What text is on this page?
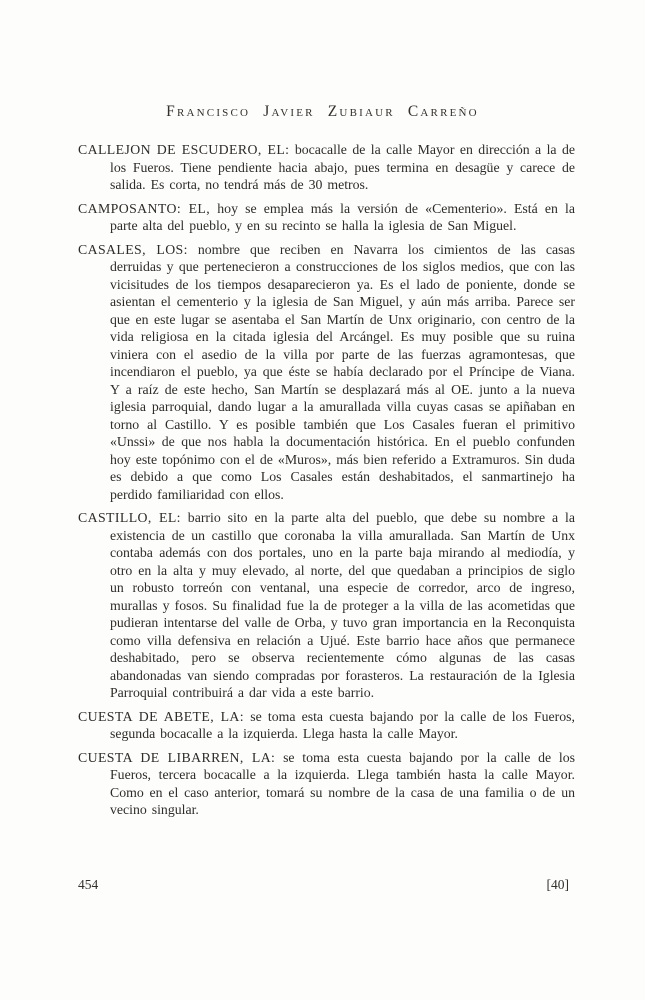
Francisco Javier Zubiaur Carreño

CALLEJON DE ESCUDERO, EL: bocacalle de la calle Mayor en dirección a la de los Fueros. Tiene pendiente hacia abajo, pues termina en desagüe y carece de salida. Es corta, no tendrá más de 30 metros.

CAMPOSANTO: EL, hoy se emplea más la versión de «Cementerio». Está en la parte alta del pueblo, y en su recinto se halla la iglesia de San Miguel.

CASALES, LOS: nombre que reciben en Navarra los cimientos de las casas derruidas y que pertenecieron a construcciones de los siglos medios, que con las vicisitudes de los tiempos desaparecieron ya. Es el lado de poniente, donde se asientan el cementerio y la iglesia de San Miguel, y aún más arriba. Parece ser que en este lugar se asentaba el San Martín de Unx originario, con centro de la vida religiosa en la citada iglesia del Arcángel. Es muy posible que su ruina viniera con el asedio de la villa por parte de las fuerzas agramontesas, que incendiaron el pueblo, ya que éste se había declarado por el Príncipe de Viana. Y a raíz de este hecho, San Martín se desplazará más al OE. junto a la nueva iglesia parroquial, dando lugar a la amurallada villa cuyas casas se apiñaban en torno al Castillo. Y es posible también que Los Casales fueran el primitivo «Unssi» de que nos habla la documentación histórica. En el pueblo confunden hoy este topónimo con el de «Muros», más bien referido a Extramuros. Sin duda es debido a que como Los Casales están deshabitados, el sanmartinejo ha perdido familiaridad con ellos.

CASTILLO, EL: barrio sito en la parte alta del pueblo, que debe su nombre a la existencia de un castillo que coronaba la villa amurallada. San Martín de Unx contaba además con dos portales, uno en la parte baja mirando al mediodía, y otro en la alta y muy elevado, al norte, del que quedaban a principios de siglo un robusto torreón con ventanal, una especie de corredor, arco de ingreso, murallas y fosos. Su finalidad fue la de proteger a la villa de las acometidas que pudieran intentarse del valle de Orba, y tuvo gran importancia en la Reconquista como villa defensiva en relación a Ujué. Este barrio hace años que permanece deshabitado, pero se observa recientemente cómo algunas de las casas abandonadas van siendo compradas por forasteros. La restauración de la Iglesia Parroquial contribuirá a dar vida a este barrio.

CUESTA DE ABETE, LA: se toma esta cuesta bajando por la calle de los Fueros, segunda bocacalle a la izquierda. Llega hasta la calle Mayor.

CUESTA DE LIBARREN, LA: se toma esta cuesta bajando por la calle de los Fueros, tercera bocacalle a la izquierda. Llega también hasta la calle Mayor. Como en el caso anterior, tomará su nombre de la casa de una familia o de un vecino singular.

454	[40]
